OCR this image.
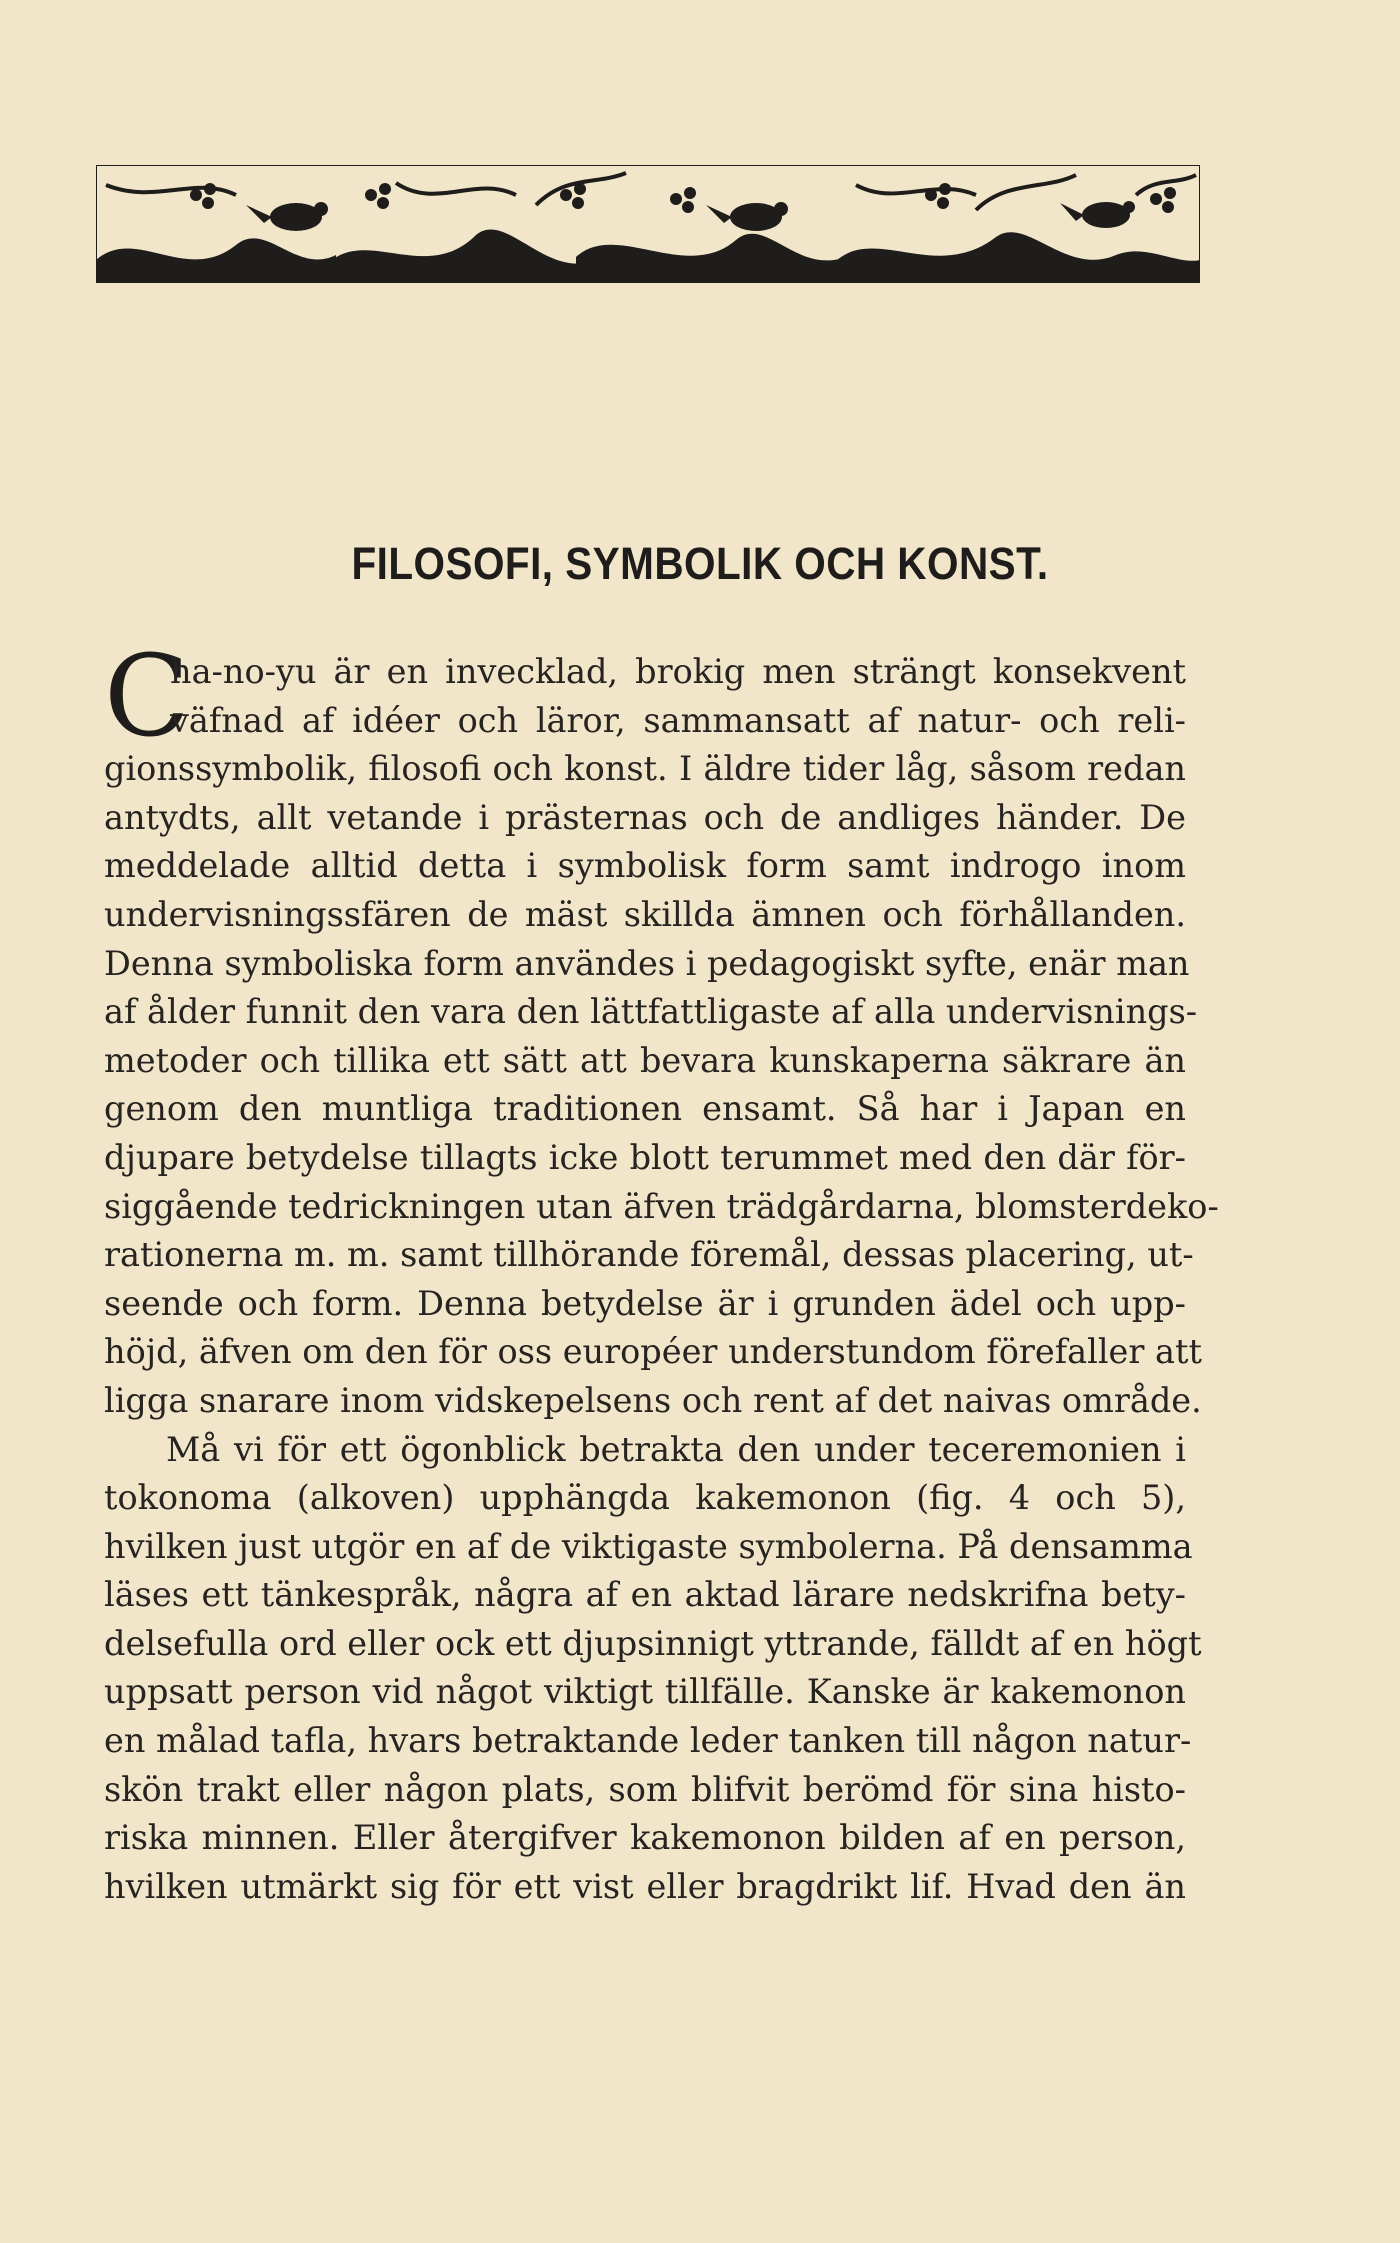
FILOSOFI, SYMBOLIK OCH KONST.
C
ha-no-yu är en invecklad, brokig men strängt konsekvent
väfnad af idéer och läror, sammansatt af natur- och reli-
gionssymbolik, filosofi och konst. I äldre tider låg, såsom redan
antydts, allt vetande i prästernas och de andliges händer. De
meddelade alltid detta i symbolisk form samt indrogo inom
undervisningssfären de mäst skillda ämnen och förhållanden.
Denna symboliska form användes i pedagogiskt syfte, enär man
af ålder funnit den vara den lättfattligaste af alla undervisnings-
metoder och tillika ett sätt att bevara kunskaperna säkrare än
genom den muntliga traditionen ensamt. Så har i Japan en
djupare betydelse tillagts icke blott terummet med den där för-
siggående tedrickningen utan äfven trädgårdarna, blomsterdeko-
rationerna m. m. samt tillhörande föremål, dessas placering, ut-
seende och form. Denna betydelse är i grunden ädel och upp-
höjd, äfven om den för oss européer understundom förefaller att
ligga snarare inom vidskepelsens och rent af det naivas område.
Må vi för ett ögonblick betrakta den under teceremonien i
tokonoma (alkoven) upphängda kakemonon (fig. 4 och 5),
hvilken just utgör en af de viktigaste symbolerna. På densamma
läses ett tänkespråk, några af en aktad lärare nedskrifna bety-
delsefulla ord eller ock ett djupsinnigt yttrande, fälldt af en högt
uppsatt person vid något viktigt tillfälle. Kanske är kakemonon
en målad tafla, hvars betraktande leder tanken till någon natur-
skön trakt eller någon plats, som blifvit berömd för sina histo-
riska minnen. Eller återgifver kakemonon bilden af en person,
hvilken utmärkt sig för ett vist eller bragdrikt lif. Hvad den än
